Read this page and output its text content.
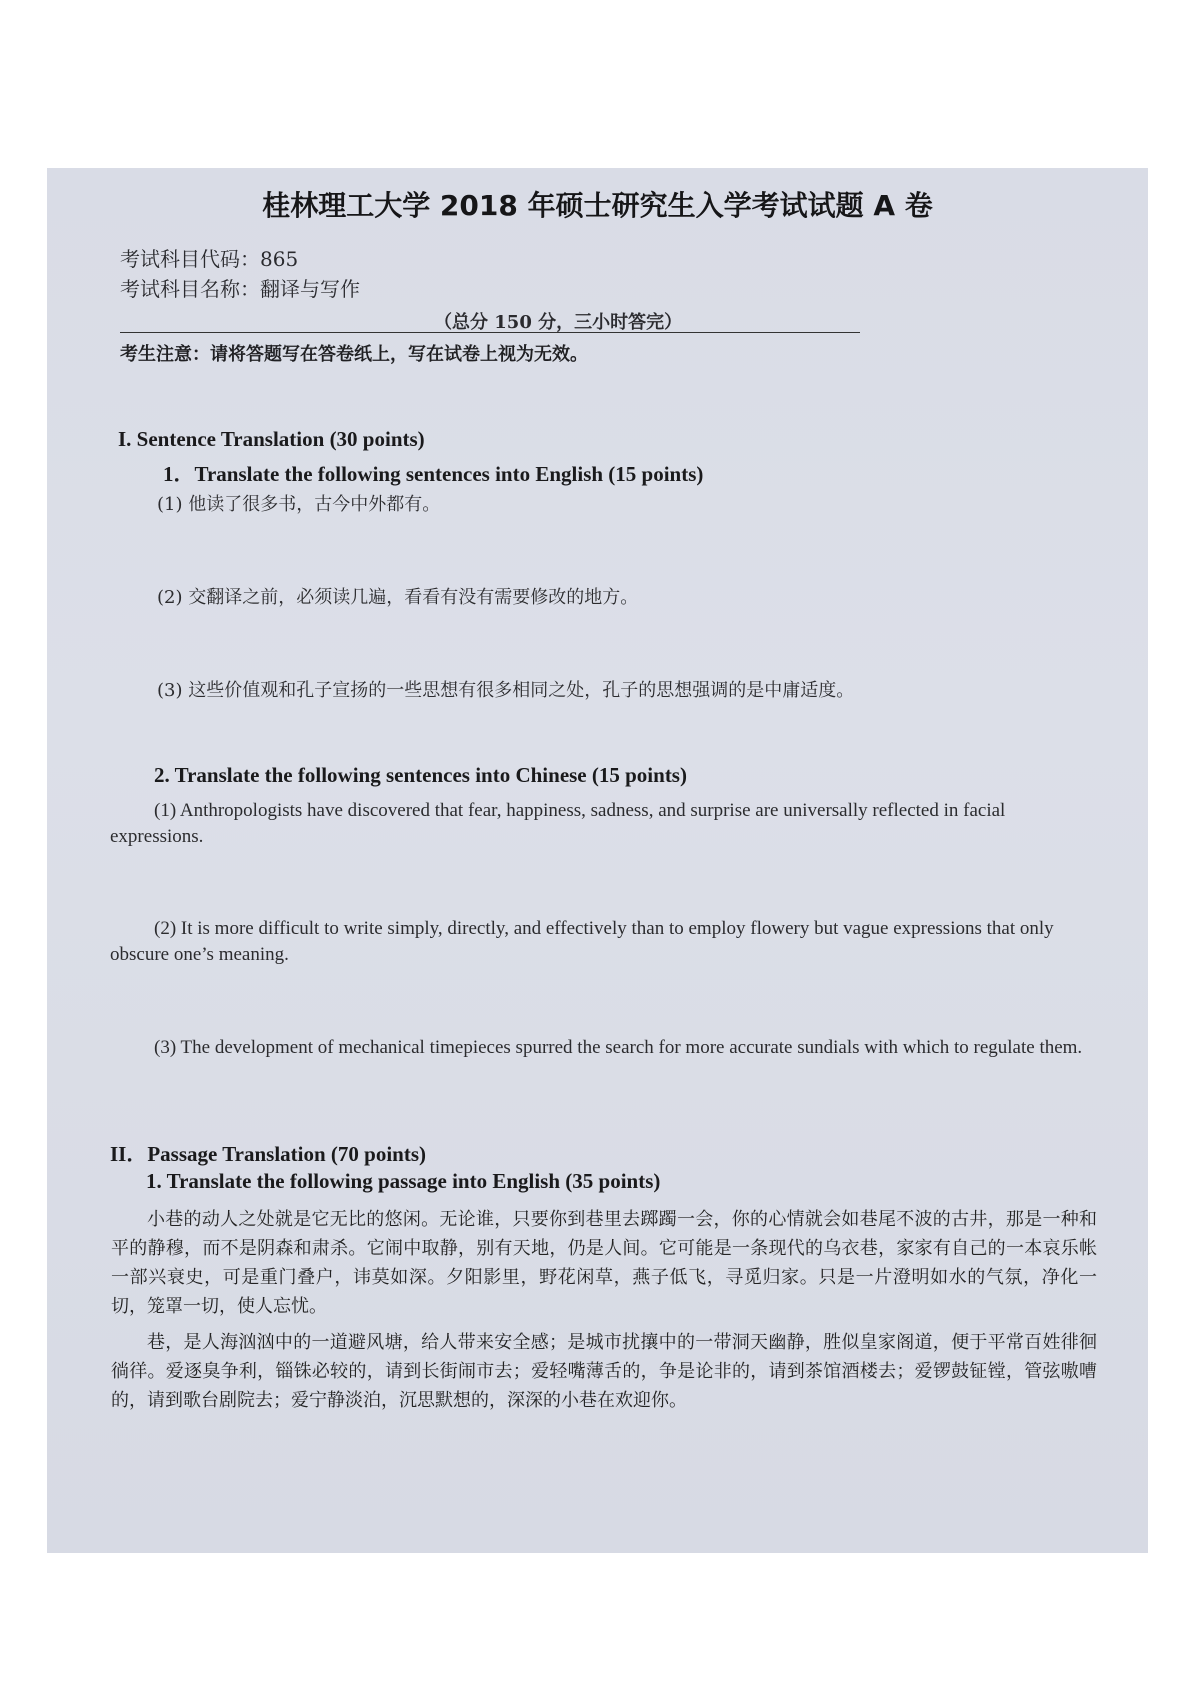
桂林理工大学 2018 年硕士研究生入学考试试题 A 卷
考试科目代码：865
考试科目名称：翻译与写作
（总分 150 分，三小时答完）
考生注意：请将答题写在答卷纸上，写在试卷上视为无效。
I. Sentence Translation (30 points)
1．Translate the following sentences into English (15 points)
(1) 他读了很多书，古今中外都有。
(2) 交翻译之前，必须读几遍，看看有没有需要修改的地方。
(3) 这些价值观和孔子宣扬的一些思想有很多相同之处，孔子的思想强调的是中庸适度。
2. Translate the following sentences into Chinese (15 points)
(1) Anthropologists have discovered that fear, happiness, sadness, and surprise are universally reflected in facial expressions.
(2) It is more difficult to write simply, directly, and effectively than to employ flowery but vague expressions that only obscure one’s meaning.
(3) The development of mechanical timepieces spurred the search for more accurate sundials with which to regulate them.
II．Passage Translation (70 points)
1. Translate the following passage into English (35 points)
小巷的动人之处就是它无比的悠闲。无论谁，只要你到巷里去踯躅一会，你的心情就会如巷尾不波的古井，那是一种和平的静穆，而不是阴森和肃杀。它闹中取静，别有天地，仍是人间。它可能是一条现代的乌衣巷，家家有自己的一本哀乐帐一部兴衰史，可是重门叠户，讳莫如深。夕阳影里，野花闲草，燕子低飞，寻觅归家。只是一片澄明如水的气氛，净化一切，笼罩一切，使人忘忧。
巷，是人海汹汹中的一道避风塘，给人带来安全感；是城市扰攘中的一带洞天幽静，胜似皇家阁道，便于平常百姓徘徊徜徉。爱逐臭争利，锱铢必较的，请到长街闹市去；爱轻嘴薄舌的，争是论非的，请到茶馆酒楼去；爱锣鼓钲镗，管弦嗷嘈的，请到歌台剧院去；爱宁静淡泊，沉思默想的，深深的小巷在欢迎你。
